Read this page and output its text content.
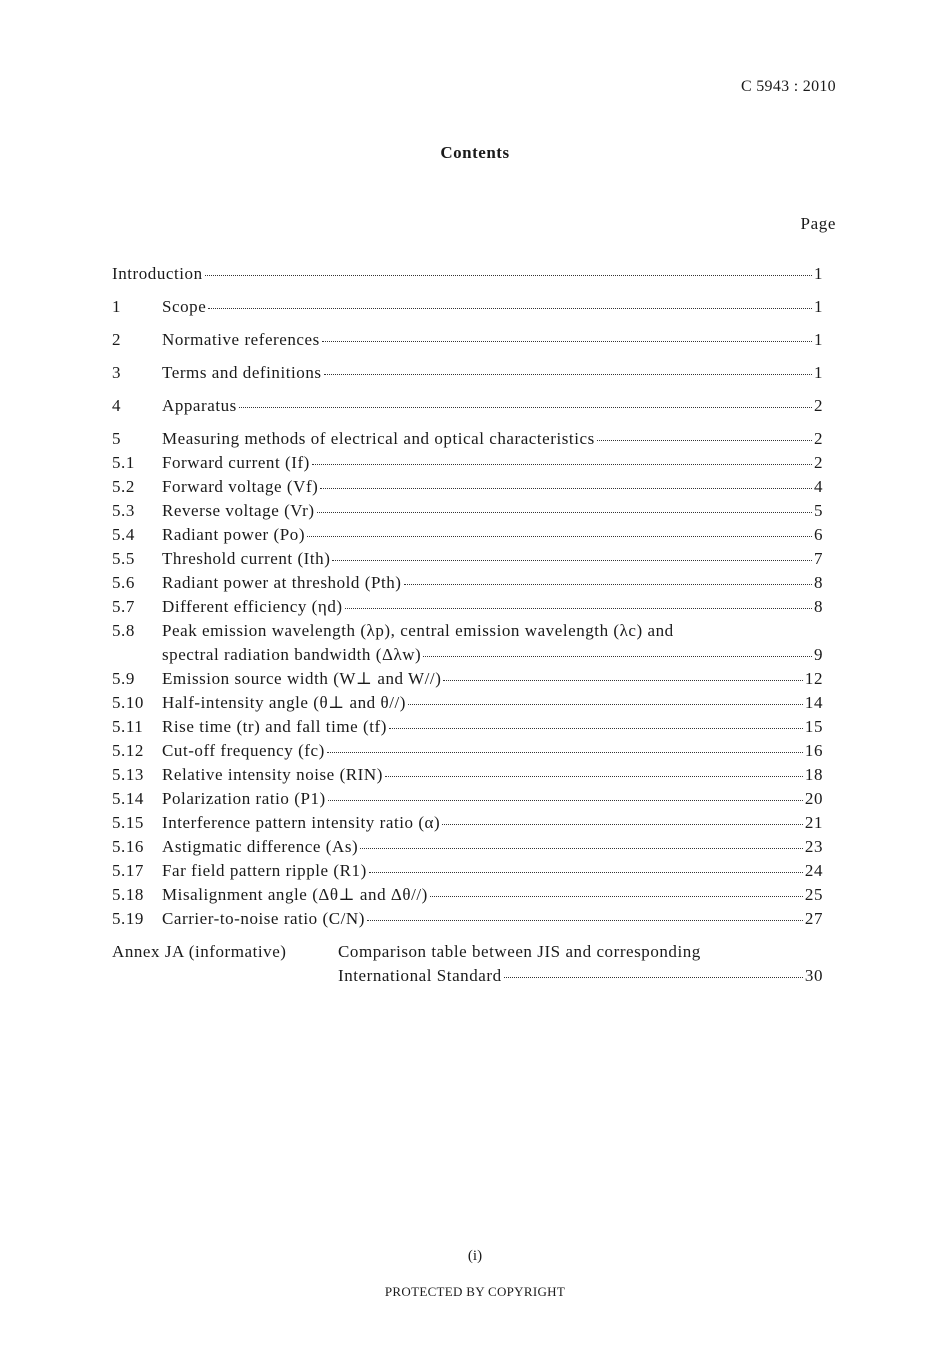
C 5943 : 2010
Contents
Page
Introduction	1
1	Scope	1
2	Normative references	1
3	Terms and definitions	1
4	Apparatus	2
5	Measuring methods of electrical and optical characteristics	2
5.1	Forward current (If)	2
5.2	Forward voltage (Vf)	4
5.3	Reverse voltage (Vr)	5
5.4	Radiant power (Po)	6
5.5	Threshold current (Ith)	7
5.6	Radiant power at threshold (Pth)	8
5.7	Different efficiency (ηd)	8
5.8	Peak emission wavelength (λp), central emission wavelength (λc) and
spectral radiation bandwidth (Δλw)	9
5.9	Emission source width (W⊥ and W//)	12
5.10	Half-intensity angle (θ⊥ and θ//)	14
5.11	Rise time (tr) and fall time (tf)	15
5.12	Cut-off frequency (fc)	16
5.13	Relative intensity noise (RIN)	18
5.14	Polarization ratio (P1)	20
5.15	Interference pattern intensity ratio (α)	21
5.16	Astigmatic difference (As)	23
5.17	Far field pattern ripple (R1)	24
5.18	Misalignment angle (Δθ⊥ and Δθ//)	25
5.19	Carrier-to-noise ratio (C/N)	27
Annex JA (informative)	Comparison table between JIS and corresponding
International Standard	30
(i)
PROTECTED BY COPYRIGHT
